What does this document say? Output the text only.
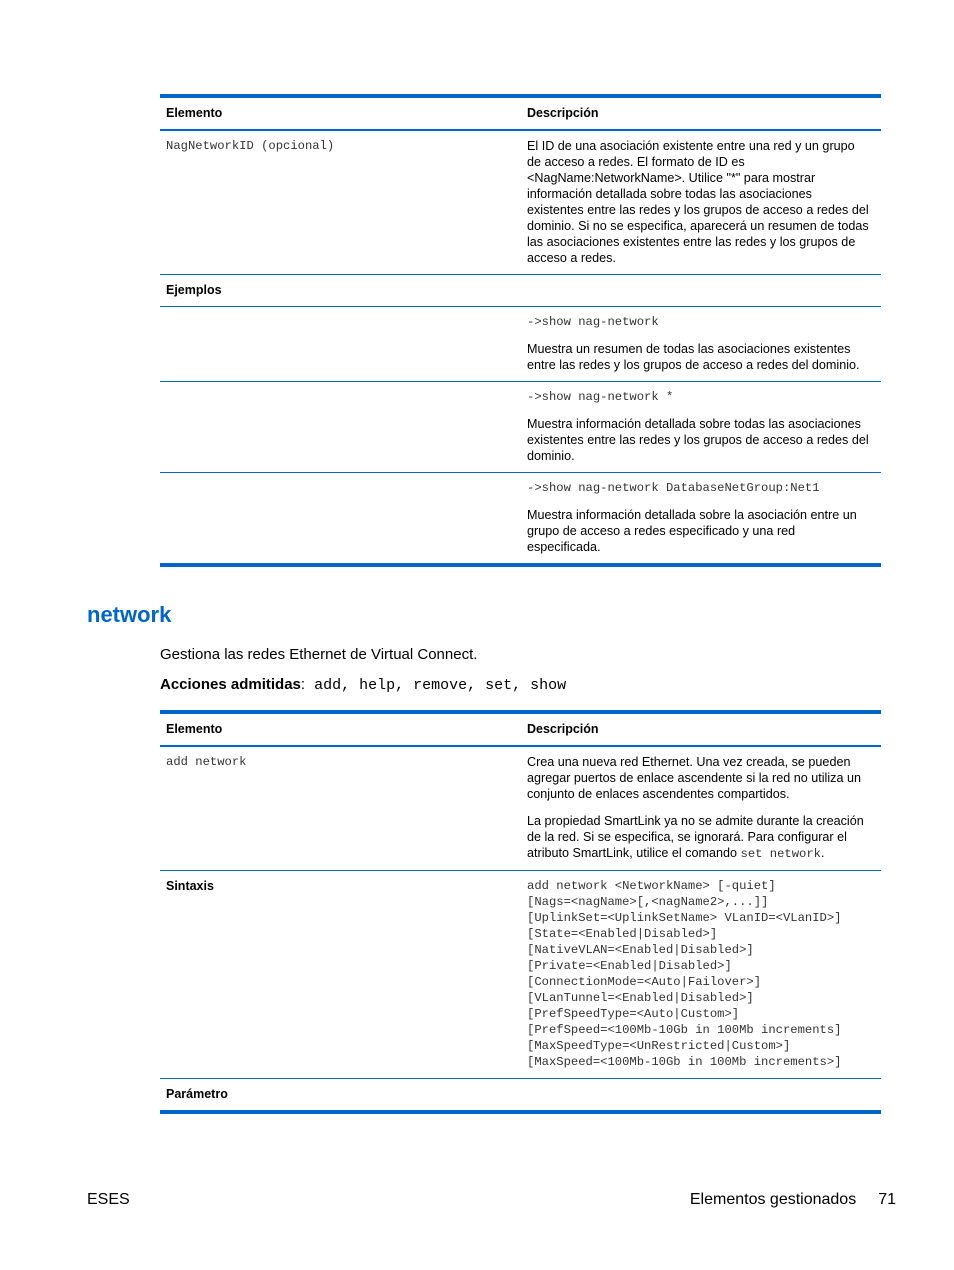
Elemento	Descripción
NagNetworkID (opcional)	El ID de una asociación existente entre una red y un grupo de acceso a redes. El formato de ID es <NagName:NetworkName>. Utilice "*" para mostrar información detallada sobre todas las asociaciones existentes entre las redes y los grupos de acceso a redes del dominio. Si no se especifica, aparecerá un resumen de todas las asociaciones existentes entre las redes y los grupos de acceso a redes.
Ejemplos
->show nag-network
Muestra un resumen de todas las asociaciones existentes entre las redes y los grupos de acceso a redes del dominio.
->show nag-network *
Muestra información detallada sobre todas las asociaciones existentes entre las redes y los grupos de acceso a redes del dominio.
->show nag-network DatabaseNetGroup:Net1
Muestra información detallada sobre la asociación entre un grupo de acceso a redes especificado y una red especificada.
network
Gestiona las redes Ethernet de Virtual Connect.
Acciones admitidas: add, help, remove, set, show
Elemento	Descripción
add network	Crea una nueva red Ethernet. Una vez creada, se pueden agregar puertos de enlace ascendente si la red no utiliza un conjunto de enlaces ascendentes compartidos.
La propiedad SmartLink ya no se admite durante la creación de la red. Si se especifica, se ignorará. Para configurar el atributo SmartLink, utilice el comando set network.
Sintaxis	add network <NetworkName> [-quiet]
[Nags=<nagName>[,<nagName2>,...]]
[UplinkSet=<UplinkSetName> VLanID=<VLanID>]
[State=<Enabled|Disabled>]
[NativeVLAN=<Enabled|Disabled>]
[Private=<Enabled|Disabled>]
[ConnectionMode=<Auto|Failover>]
[VLanTunnel=<Enabled|Disabled>]
[PrefSpeedType=<Auto|Custom>]
[PrefSpeed=<100Mb-10Gb in 100Mb increments]
[MaxSpeedType=<UnRestricted|Custom>]
[MaxSpeed=<100Mb-10Gb in 100Mb increments>]
Parámetro
ESES	Elementos gestionados 71
